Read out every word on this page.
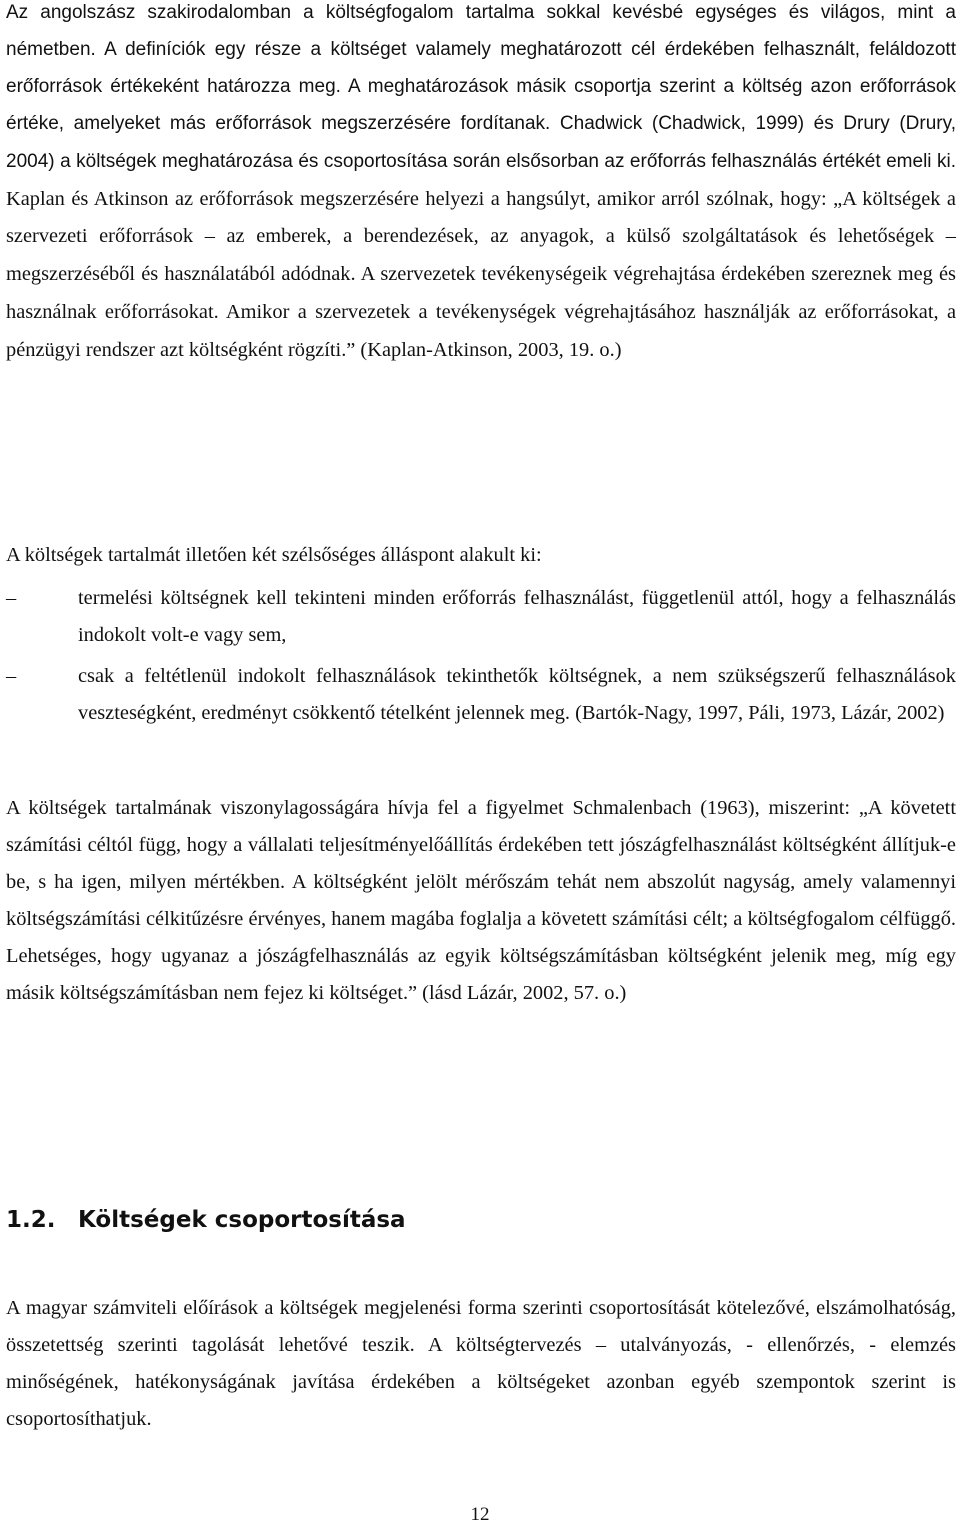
Az angolszász szakirodalomban a költségfogalom tartalma sokkal kevésbé egységes és világos, mint a németben. A definíciók egy része a költséget valamely meghatározott cél érdekében felhasznált, feláldozott erőforrások értékeként határozza meg. A meghatározások másik csoportja szerint a költség azon erőforrások értéke, amelyeket más erőforrások megszerzésére fordítanak. Chadwick (Chadwick, 1999) és Drury (Drury, 2004) a költségek meghatározása és csoportosítása során elsősorban az erőforrás felhasználás értékét emeli ki. Kaplan és Atkinson az erőforrások megszerzésére helyezi a hangsúlyt, amikor arról szólnak, hogy: „A költségek a szervezeti erőforrások – az emberek, a berendezések, az anyagok, a külső szolgáltatások és lehetőségek – megszerzéséből és használatából adódnak. A szervezetek tevékenységeik végrehajtása érdekében szereznek meg és használnak erőforrásokat. Amikor a szervezetek a tevékenységek végrehajtásához használják az erőforrásokat, a pénzügyi rendszer azt költségként rögzíti.” (Kaplan-Atkinson, 2003, 19. o.)

A költségek tartalmát illetően két szélsőséges álláspont alakult ki:

–	termelési költségnek kell tekinteni minden erőforrás felhasználást, függetlenül attól, hogy a felhasználás indokolt volt-e vagy sem,
–	csak a feltétlenül indokolt felhasználások tekinthetők költségnek, a nem szükségszerű felhasználások veszteségként, eredményt csökkentő tételként jelennek meg. (Bartók-Nagy, 1997, Páli, 1973, Lázár, 2002)

A költségek tartalmának viszonylagosságára hívja fel a figyelmet Schmalenbach (1963), miszerint: „A követett számítási céltól függ, hogy a vállalati teljesítményelőállítás érdekében tett jószágfelhasználást költségként állítjuk-e be, s ha igen, milyen mértékben. A költségként jelölt mérőszám tehát nem abszolút nagyság, amely valamennyi költségszámítási célkitűzésre érvényes, hanem magába foglalja a követett számítási célt; a költségfogalom célfüggő. Lehetséges, hogy ugyanaz a jószágfelhasználás az egyik költségszámításban költségként jelenik meg, míg egy másik költségszámításban nem fejez ki költséget.” (lásd Lázár, 2002, 57. o.)

1.2. Költségek csoportosítása

A magyar számviteli előírások a költségek megjelenési forma szerinti csoportosítását kötelezővé, elszámolhatóság, összetettség szerinti tagolását lehetővé teszik. A költségtervezés – utalványozás, - ellenőrzés, - elemzés minőségének, hatékonyságának javítása érdekében a költségeket azonban egyéb szempontok szerint is csoportosíthatjuk.

12
